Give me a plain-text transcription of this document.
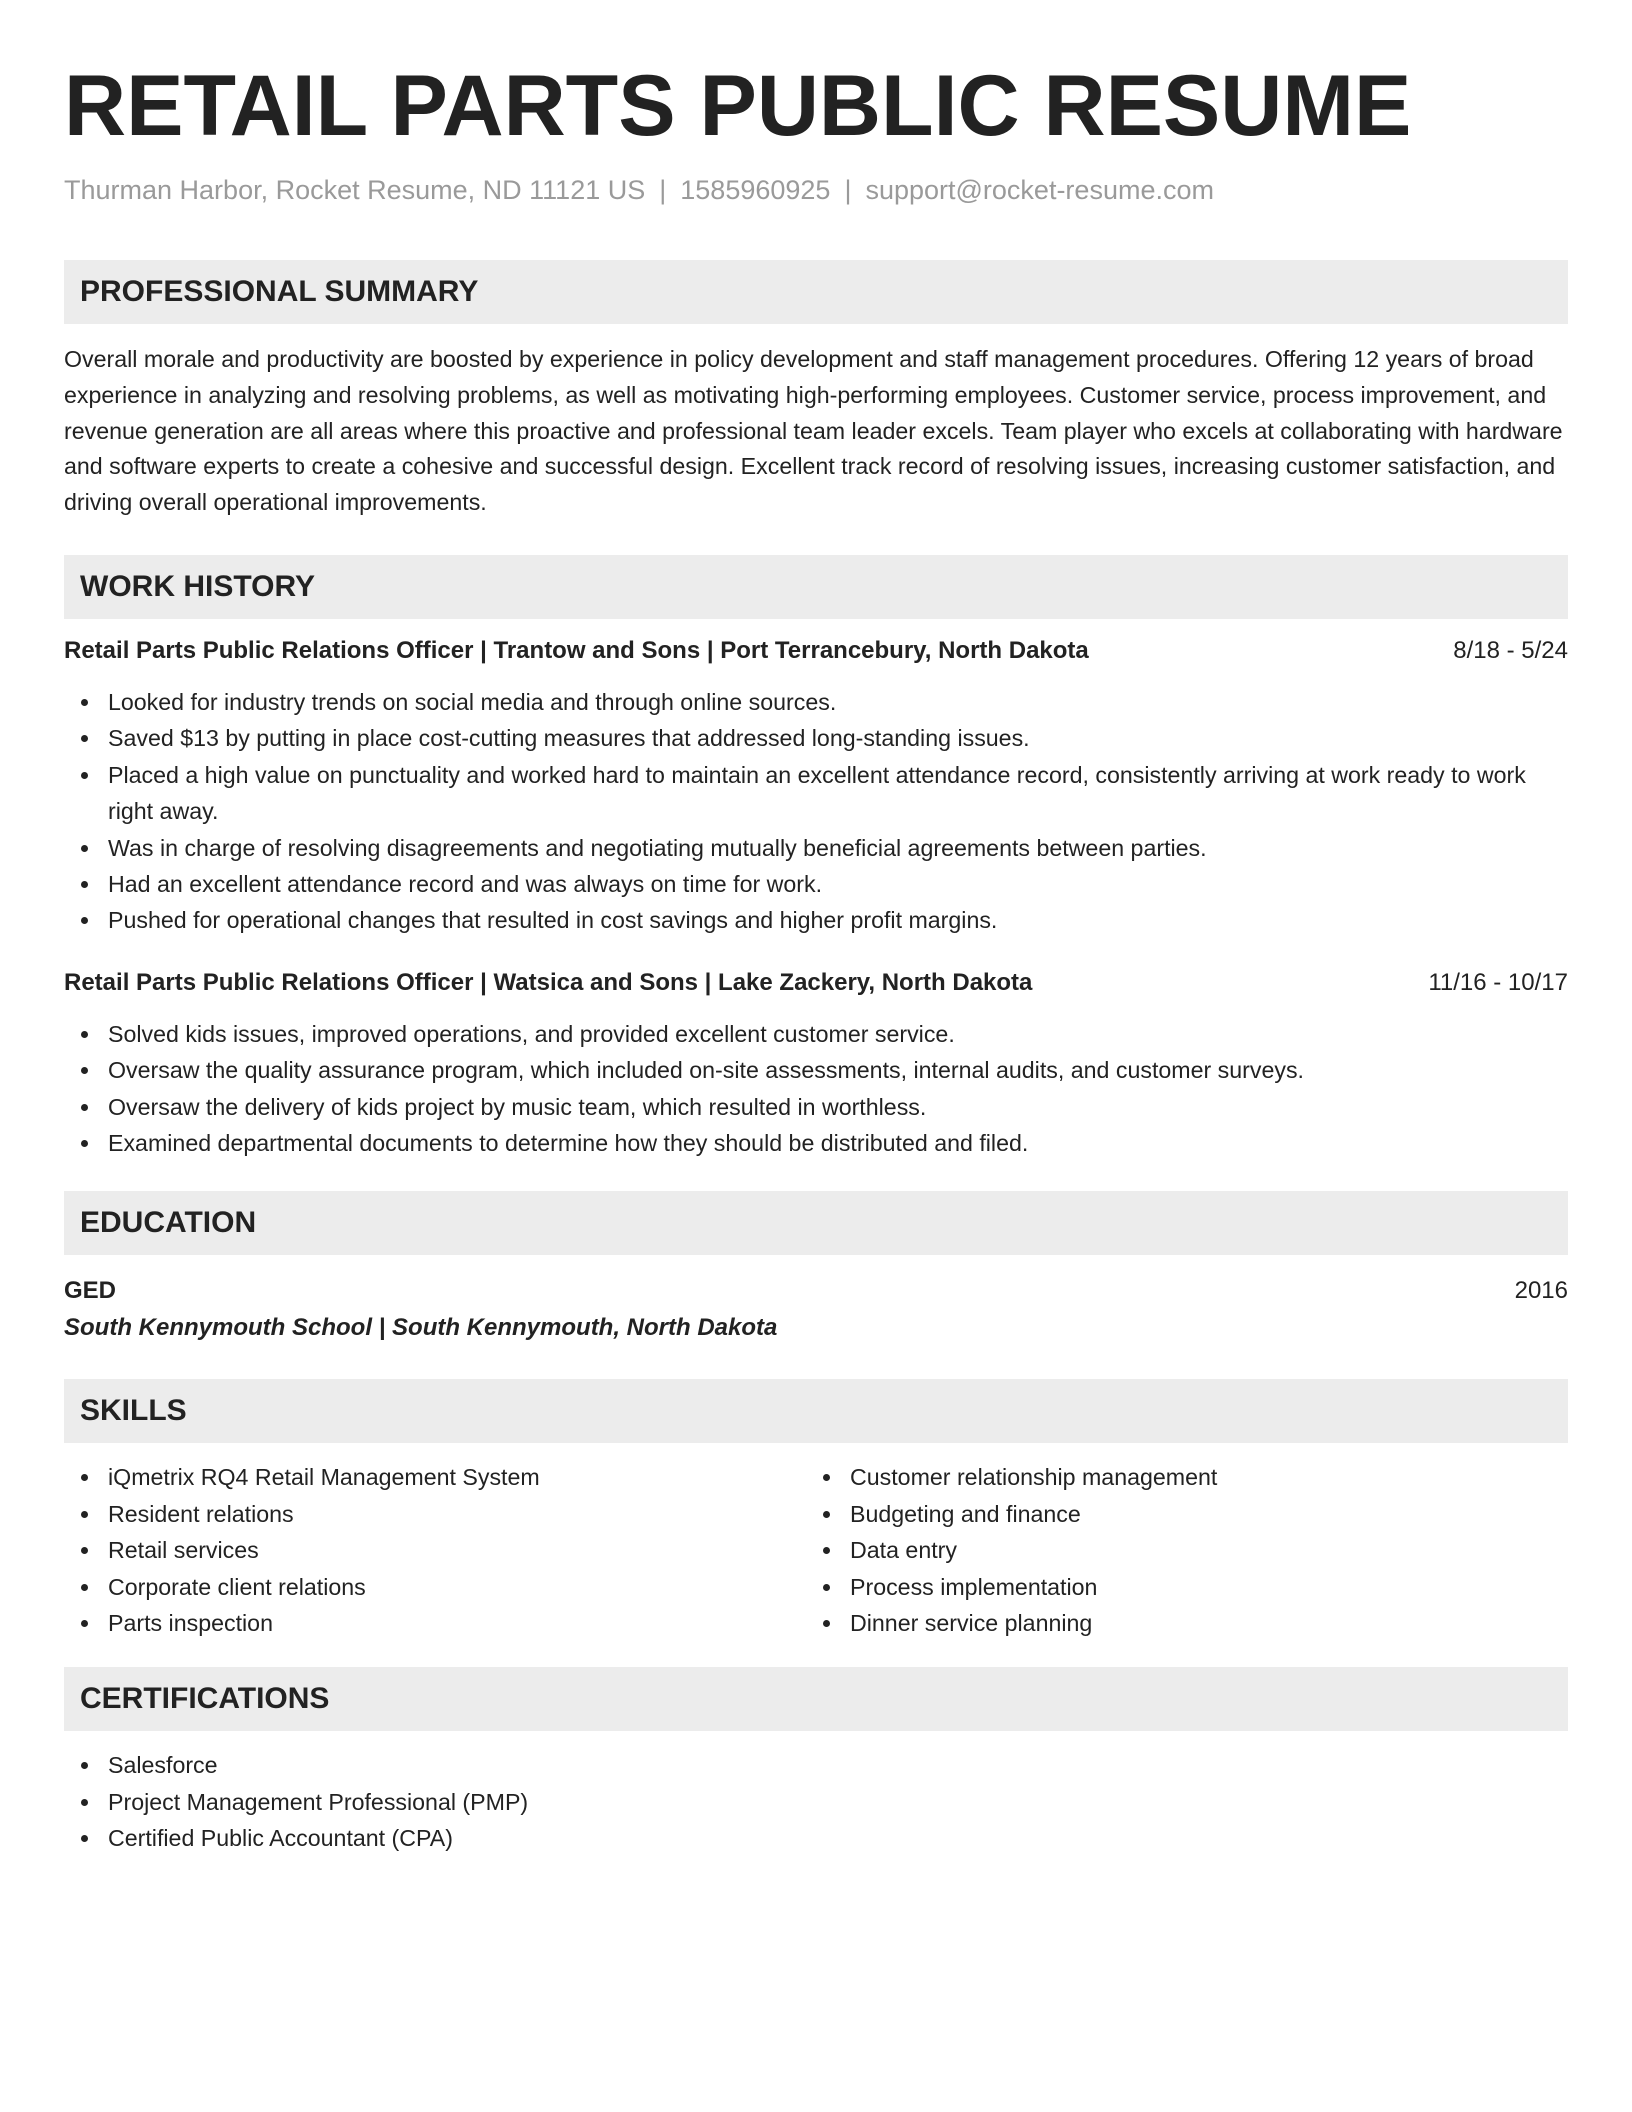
RETAIL PARTS PUBLIC RESUME
Thurman Harbor, Rocket Resume, ND 11121 US | 1585960925 | support@rocket-resume.com
PROFESSIONAL SUMMARY
Overall morale and productivity are boosted by experience in policy development and staff management procedures. Offering 12 years of broad experience in analyzing and resolving problems, as well as motivating high-performing employees. Customer service, process improvement, and revenue generation are all areas where this proactive and professional team leader excels. Team player who excels at collaborating with hardware and software experts to create a cohesive and successful design. Excellent track record of resolving issues, increasing customer satisfaction, and driving overall operational improvements.
WORK HISTORY
Retail Parts Public Relations Officer | Trantow and Sons | Port Terrancebury, North Dakota	8/18 - 5/24
Looked for industry trends on social media and through online sources.
Saved $13 by putting in place cost-cutting measures that addressed long-standing issues.
Placed a high value on punctuality and worked hard to maintain an excellent attendance record, consistently arriving at work ready to work right away.
Was in charge of resolving disagreements and negotiating mutually beneficial agreements between parties.
Had an excellent attendance record and was always on time for work.
Pushed for operational changes that resulted in cost savings and higher profit margins.
Retail Parts Public Relations Officer | Watsica and Sons | Lake Zackery, North Dakota	11/16 - 10/17
Solved kids issues, improved operations, and provided excellent customer service.
Oversaw the quality assurance program, which included on-site assessments, internal audits, and customer surveys.
Oversaw the delivery of kids project by music team, which resulted in worthless.
Examined departmental documents to determine how they should be distributed and filed.
EDUCATION
GED	2016
South Kennymouth School | South Kennymouth, North Dakota
SKILLS
iQmetrix RQ4 Retail Management System
Resident relations
Retail services
Corporate client relations
Parts inspection
Customer relationship management
Budgeting and finance
Data entry
Process implementation
Dinner service planning
CERTIFICATIONS
Salesforce
Project Management Professional (PMP)
Certified Public Accountant (CPA)
